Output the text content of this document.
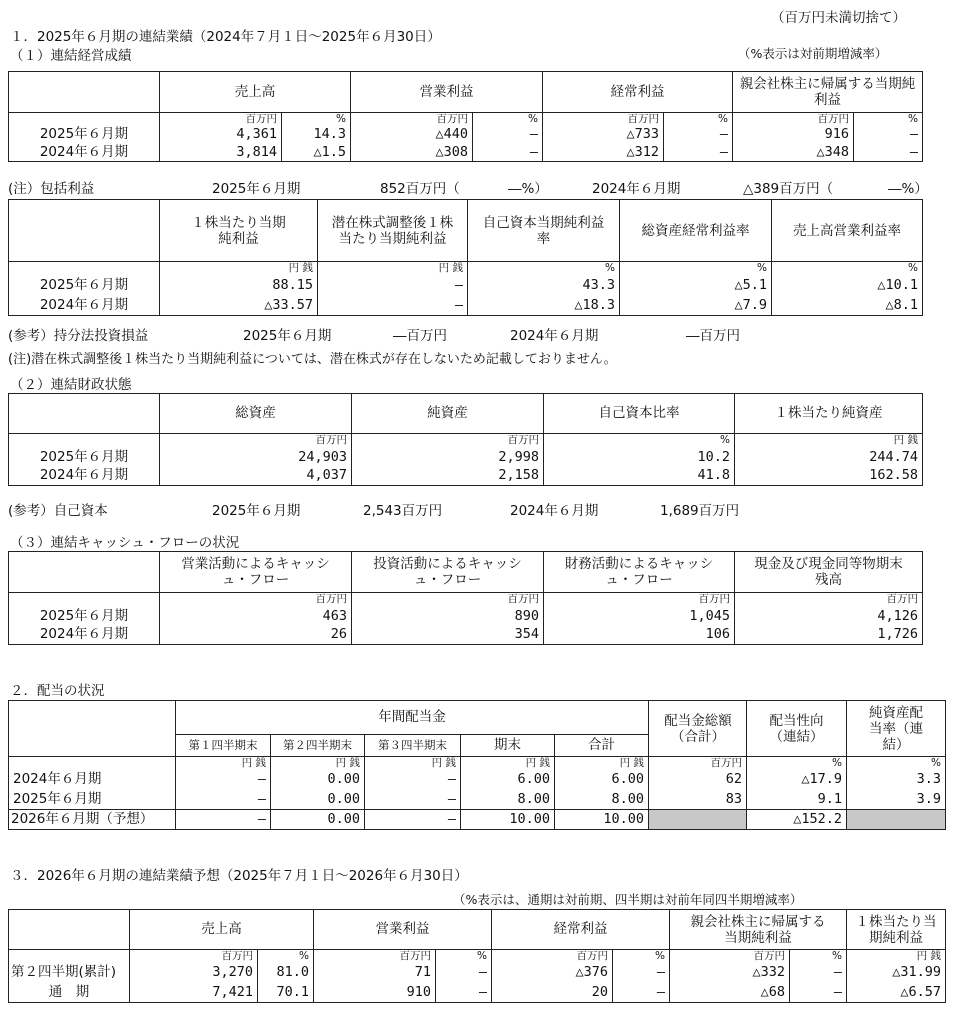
（百万円未満切捨て）
１．2025年６月期の連結業績（2024年７月１日～2025年６月30日）
（１）連結経営成績	（%表示は対前期増減率）
	売上高		営業利益		経常利益		親会社株主に帰属する当期純利益	

	百万円	%	百万円	%	百万円	%	百万円	%
2025年６月期	4,361	14.3	△440	―	△733	―	916	―
2024年６月期	3,814	△1.5	△308	―	△312	―	△348	―
(注）包括利益	2025年６月期	852百万円（	―%）	2024年６月期	△389百万円（	―%）

	１株当たり当期純利益	潜在株式調整後１株当たり当期純利益	自己資本当期純利益率	総資産経常利益率	売上高営業利益率

	円 銭	円 銭	%	%	%
2025年６月期	88.15	―	43.3	△5.1	△10.1
2024年６月期	△33.57	―	△18.3	△7.9	△8.1
(参考）持分法投資損益	2025年６月期	―百万円	2024年６月期	―百万円
(注)潜在株式調整後１株当たり当期純利益については、潜在株式が存在しないため記載しておりません。
（２）連結財政状態
	総資産	純資産	自己資本比率	１株当たり純資産
	百万円	百万円	%	円 銭
2025年６月期	24,903	2,998	10.2	244.74
2024年６月期	4,037	2,158	41.8	162.58
(参考）自己資本	2025年６月期	2,543百万円	2024年６月期	1,689百万円
（３）連結キャッシュ・フローの状況

	営業活動によるキャッシュ・フロー	投資活動によるキャッシュ・フロー	財務活動によるキャッシュ・フロー	現金及び現金同等物期末残高

	百万円	百万円	百万円	百万円
2025年６月期	463	890	1,045	4,126
2024年６月期	26	354	106	1,726
２．配当の状況
	年間配当金					配当金総額（合計）	配当性向（連結）	純資産配当率（連結）

	第１四半期末	第２四半期末	第３四半期末	期末	合計			
	円 銭	円 銭	円 銭	円 銭	円 銭	百万円	%	%
2024年６月期	―	0.00	―	6.00	6.00	62	△17.9	3.3
2025年６月期	―	0.00	―	8.00	8.00	83	9.1	3.9
2026年６月期（予想）	―	0.00	―	10.00	10.00		△152.2	
３．2026年６月期の連結業績予想（2025年７月１日～2026年６月30日）
（%表示は、通期は対前期、四半期は対前年同四半期増減率）
	売上高		営業利益		経常利益		親会社株主に帰属する当期純利益		１株当たり当期純利益

	百万円	%	百万円	%	百万円	%	百万円	%	円 銭
第２四半期(累計)	3,270	81.0	71	―	△376	―	△332	―	△31.99
通　期	7,421	70.1	910	―	20	―	△68	―	△6.57
